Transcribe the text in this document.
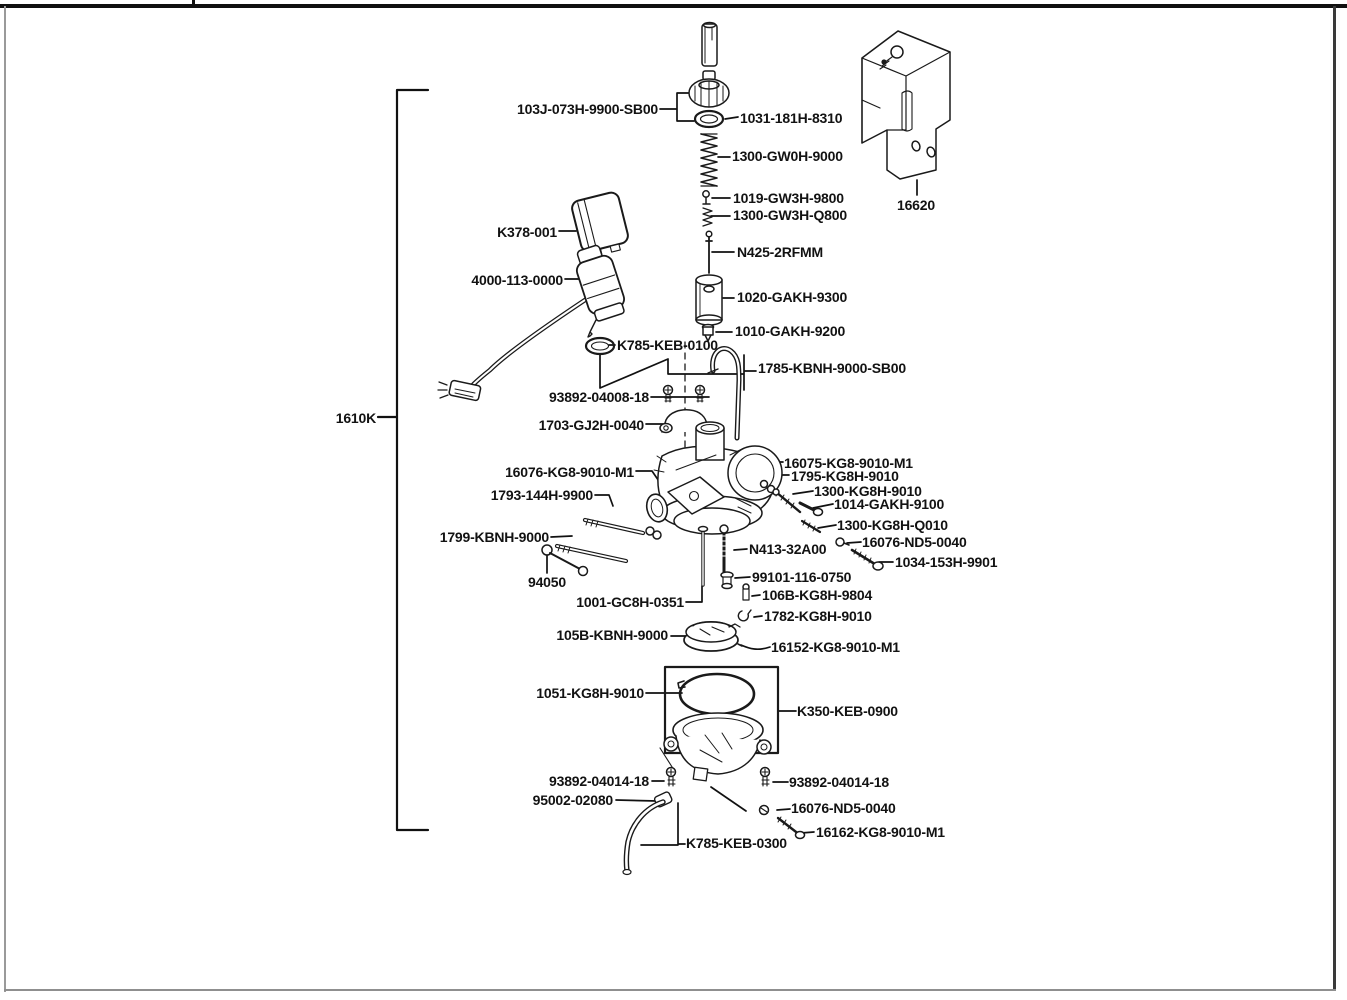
103J-073H-9900-SB00
1031-181H-8310
1300-GW0H-9000
1019-GW3H-9800
1300-GW3H-Q800
N425-2RFMM
1020-GAKH-9300
1010-GAKH-9200
K785-KEB-0100
1785-KBNH-9000-SB00
93892-04008-18
1703-GJ2H-0040
K378-001
4000-113-0000
16620
1610K
16076-KG8-9010-M1
1793-144H-9900
1799-KBNH-9000
94050
16075-KG8-9010-M1
1795-KG8H-9010
1300-KG8H-9010
1014-GAKH-9100
1300-KG8H-Q010
16076-ND5-0040
1034-153H-9901
N413-32A00
99101-116-0750
106B-KG8H-9804
1782-KG8H-9010
1001-GC8H-0351
105B-KBNH-9000
16152-KG8-9010-M1
1051-KG8H-9010
K350-KEB-0900
93892-04014-18	93892-04014-18
95002-02080	16076-ND5-0040
16162-KG8-9010-M1
K785-KEB-0300
